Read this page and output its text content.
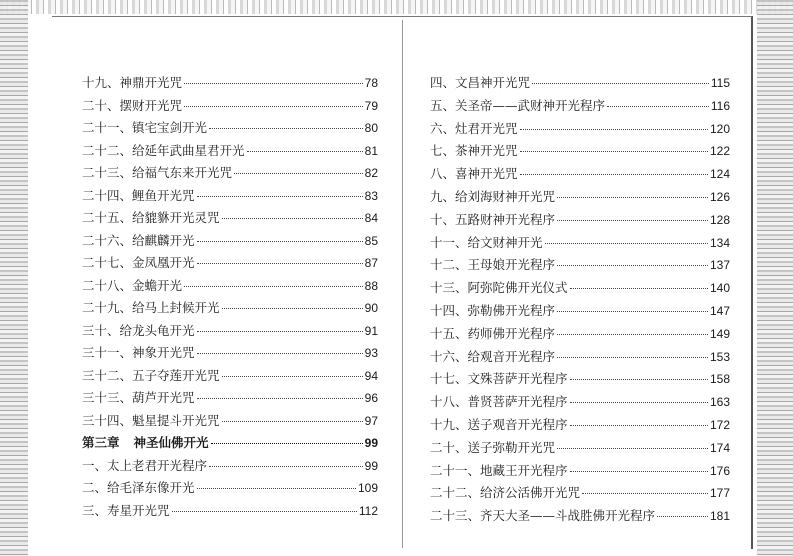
十九、神鼎开光咒	78
二十、摆财开光咒	79
二十一、镇宅宝剑开光	80
二十二、给延年武曲星君开光	81
二十三、给福气东来开光咒	82
二十四、鲤鱼开光咒	83
二十五、给貔貅开光灵咒	84
二十六、给麒麟开光	85
二十七、金凤凰开光	87
二十八、金蟾开光	88
二十九、给马上封候开光	90
三十、给龙头龟开光	91
三十一、神象开光咒	93
三十二、五子夺莲开光咒	94
三十三、葫芦开光咒	96
三十四、魁星提斗开光咒	97
第三章 神圣仙佛开光	99
一、太上老君开光程序	99
二、给毛泽东像开光	109
三、寿星开光咒	112
四、文昌神开光咒	115
五、关圣帝——武财神开光程序	116
六、灶君开光咒	120
七、茶神开光咒	122
八、喜神开光咒	124
九、给刘海财神开光咒	126
十、五路财神开光程序	128
十一、给文财神开光	134
十二、王母娘开光程序	137
十三、阿弥陀佛开光仪式	140
十四、弥勒佛开光程序	147
十五、药师佛开光程序	149
十六、给观音开光程序	153
十七、文殊菩萨开光程序	158
十八、普贤菩萨开光程序	163
十九、送子观音开光程序	172
二十、送子弥勒开光咒	174
二十一、地藏王开光程序	176
二十二、给济公活佛开光咒	177
二十三、齐天大圣——斗战胜佛开光程序	181
